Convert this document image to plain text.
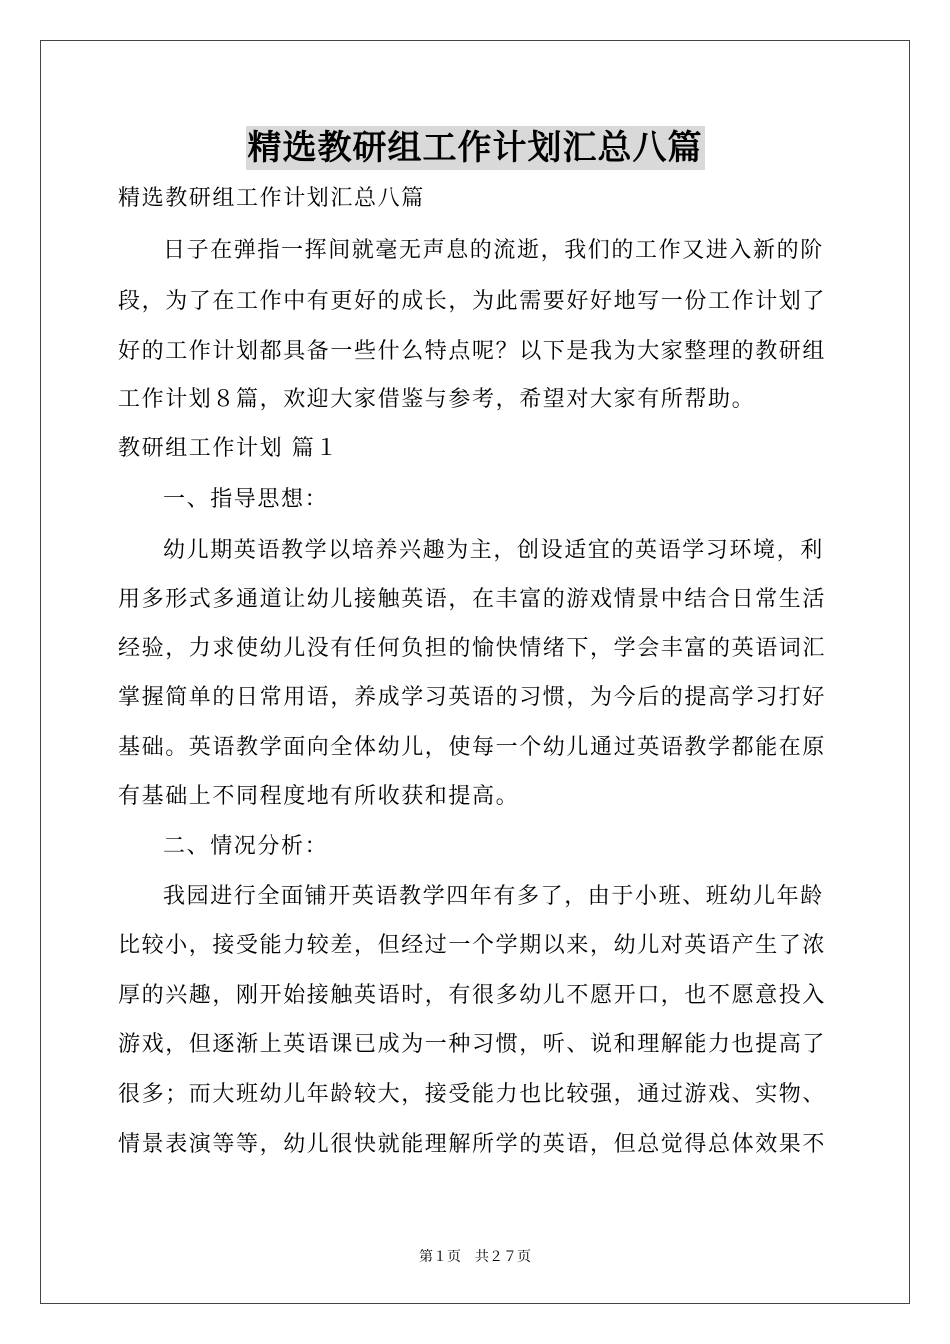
精选教研组工作计划汇总八篇
精选教研组工作计划汇总八篇
日子在弹指一挥间就毫无声息的流逝，我们的工作又进入新的阶
段，为了在工作中有更好的成长，为此需要好好地写一份工作计划了
好的工作计划都具备一些什么特点呢？以下是我为大家整理的教研组
工作计划８篇，欢迎大家借鉴与参考，希望对大家有所帮助。
教研组工作计划 篇１
一、指导思想：
幼儿期英语教学以培养兴趣为主，创设适宜的英语学习环境，利
用多形式多通道让幼儿接触英语，在丰富的游戏情景中结合日常生活
经验，力求使幼儿没有任何负担的愉快情绪下，学会丰富的英语词汇
掌握简单的日常用语，养成学习英语的习惯，为今后的提高学习打好
基础。英语教学面向全体幼儿，使每一个幼儿通过英语教学都能在原
有基础上不同程度地有所收获和提高。
二、情况分析：
我园进行全面铺开英语教学四年有多了，由于小班、班幼儿年龄
比较小，接受能力较差，但经过一个学期以来，幼儿对英语产生了浓
厚的兴趣，刚开始接触英语时，有很多幼儿不愿开口，也不愿意投入
游戏，但逐渐上英语课已成为一种习惯，听、说和理解能力也提高了
很多；而大班幼儿年龄较大，接受能力也比较强，通过游戏、实物、
情景表演等等，幼儿很快就能理解所学的英语，但总觉得总体效果不
第１页　共２７页
